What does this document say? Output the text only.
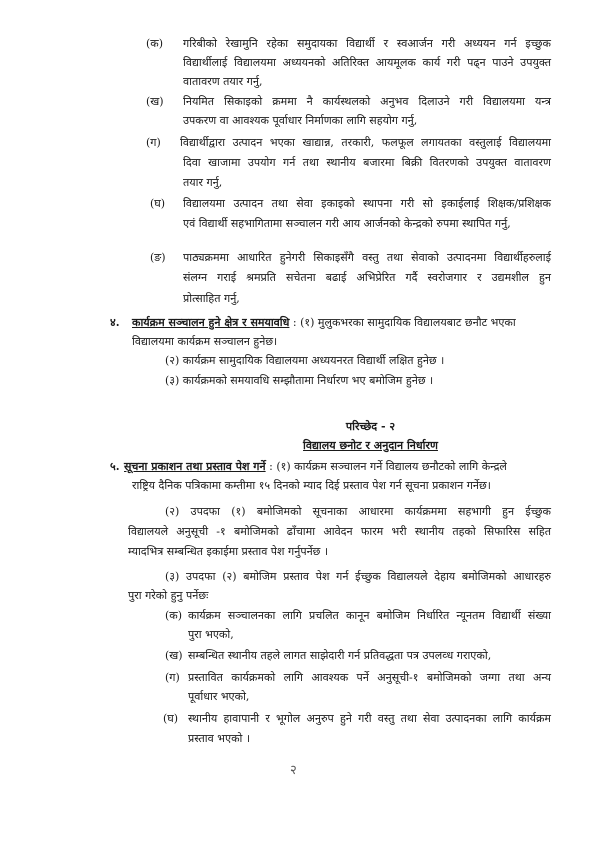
(क) गरिबीको रेखामुनि रहेका समुदायका विद्यार्थी र स्वआर्जन गरी अध्ययन गर्न इच्छुक
विद्यार्थीलाई विद्यालयमा अध्ययनको अतिरिक्त आयमूलक कार्य गरी पढ्न पाउने उपयुक्त
वातावरण तयार गर्नु,
(ख) नियमित सिकाइको क्रममा नै कार्यस्थलको अनुभव दिलाउने गरी विद्यालयमा यन्त्र
उपकरण वा आवश्यक पूर्वाधार निर्माणका लागि सहयोग गर्नु,
(ग) विद्यार्थीद्वारा उत्पादन भएका खाद्यान्न, तरकारी, फलफूल लगायतका वस्तुलाई विद्यालयमा
दिवा खाजामा उपयोग गर्न तथा स्थानीय बजारमा बिक्री वितरणको उपयुक्त वातावरण
तयार गर्नु,
(घ) विद्यालयमा उत्पादन तथा सेवा इकाइको स्थापना गरी सो इकाईलाई शिक्षक/प्रशिक्षक
एवं विद्यार्थी सहभागितामा सञ्चालन गरी आय आर्जनको केन्द्रको रुपमा स्थापित गर्नु,
(ङ) पाठ्यक्रममा आधारित हुनेगरी सिकाइसँगै वस्तु तथा सेवाको उत्पादनमा विद्यार्थीहरुलाई
संलग्न गराई श्रमप्रति सचेतना बढाई अभिप्रेरित गर्दै स्वरोजगार र उद्यमशील हुन
प्रोत्साहित गर्नु,
४. कार्यक्रम सञ्चालन हुने क्षेत्र र समयावधि : (१) मुलुकभरका सामुदायिक विद्यालयबाट छनौट भएका
विद्यालयमा कार्यक्रम सञ्चालन हुनेछ।
(२) कार्यक्रम सामुदायिक विद्यालयमा अध्ययनरत विद्यार्थी लक्षित हुनेछ ।
(३) कार्यक्रमको समयावधि सम्झौतामा निर्धारण भए बमोजिम हुनेछ ।
परिच्छेद - २
विद्यालय छनोट र अनुदान निर्धारण
५. सूचना प्रकाशन तथा प्रस्ताव पेश गर्ने : (१) कार्यक्रम सञ्चालन गर्ने विद्यालय छनौटको लागि केन्द्रले
राष्ट्रिय दैनिक पत्रिकामा कम्तीमा १५ दिनको म्याद दिई प्रस्ताव पेश गर्न सूचना प्रकाशन गर्नेछ।
(२) उपदफा (१) बमोजिमको सूचनाका आधारमा कार्यक्रममा सहभागी हुन ईच्छुक
विद्यालयले अनुसूची -१ बमोजिमको ढाँचामा आवेदन फारम भरी स्थानीय तहको सिफारिस सहित
म्यादभित्र सम्बन्धित इकाईमा प्रस्ताव पेश गर्नुपर्नेछ ।
(३) उपदफा (२) बमोजिम प्रस्ताव पेश गर्न ईच्छुक विद्यालयले देहाय बमोजिमको आधारहरु
पुरा गरेको हुनु पर्नेछः
(क) कार्यक्रम सञ्चालनका लागि प्रचलित कानून बमोजिम निर्धारित न्यूनतम विद्यार्थी संख्या
पुरा भएको,
(ख) सम्बन्धित स्थानीय तहले लागत साझेदारी गर्न प्रतिवद्धता पत्र उपलव्ध गराएको,
(ग) प्रस्तावित कार्यक्रमको लागि आवश्यक पर्ने अनुसूची-१ बमोजिमको जग्गा तथा अन्य
पूर्वाधार भएको,
(घ) स्थानीय हावापानी र भूगोल अनुरुप हुने गरी वस्तु तथा सेवा उत्पादनका लागि कार्यक्रम
प्रस्ताव भएको ।
२
